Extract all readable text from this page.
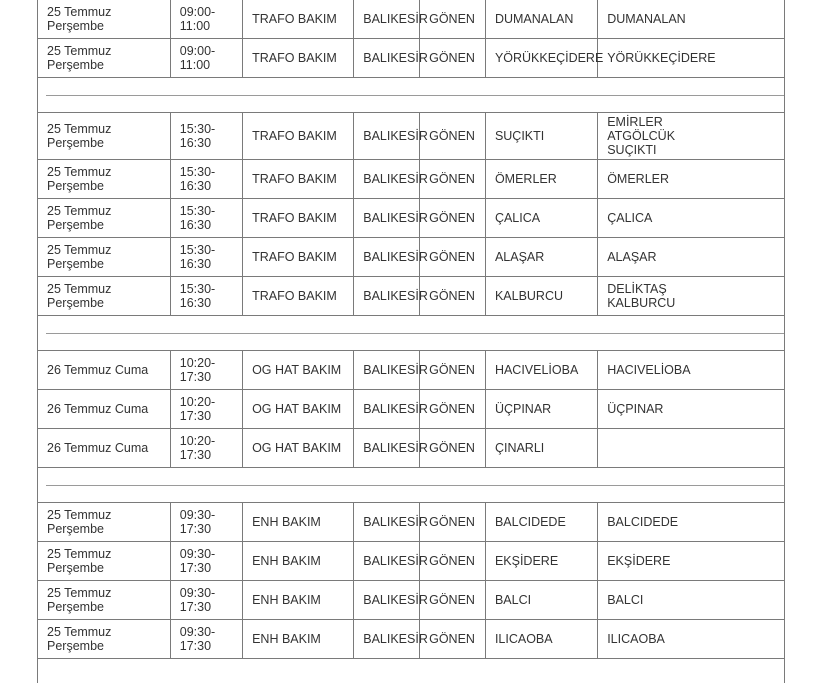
25 Temmuz Perşembe	09:00-11:00	TRAFO BAKIM	BALIKESİR	GÖNEN	DUMANALAN	DUMANALAN

25 Temmuz Perşembe	09:00-11:00	TRAFO BAKIM	BALIKESİR	GÖNEN	YÖRÜKKEÇİDERE	YÖRÜKKEÇİDERE

25 Temmuz Perşembe	15:30-16:30	TRAFO BAKIM	BALIKESİR	GÖNEN	SUÇIKTI	EMİRLER
ATGÖLCÜK
SUÇIKTI

25 Temmuz Perşembe	15:30-16:30	TRAFO BAKIM	BALIKESİR	GÖNEN	ÖMERLER	ÖMERLER

25 Temmuz Perşembe	15:30-16:30	TRAFO BAKIM	BALIKESİR	GÖNEN	ÇALICA	ÇALICA

25 Temmuz Perşembe	15:30-16:30	TRAFO BAKIM	BALIKESİR	GÖNEN	ALAŞAR	ALAŞAR

25 Temmuz Perşembe	15:30-16:30	TRAFO BAKIM	BALIKESİR	GÖNEN	KALBURCU	DELİKTAŞ
KALBURCU

26 Temmuz Cuma	10:20-17:30	OG HAT BAKIM	BALIKESİR	GÖNEN	HACIVELİOBA	HACIVELİOBA

26 Temmuz Cuma	10:20-17:30	OG HAT BAKIM	BALIKESİR	GÖNEN	ÜÇPINAR	ÜÇPINAR

26 Temmuz Cuma	10:20-17:30	OG HAT BAKIM	BALIKESİR	GÖNEN	ÇINARLI	

25 Temmuz Perşembe	09:30-17:30	ENH BAKIM	BALIKESİR	GÖNEN	BALCIDEDE	BALCIDEDE

25 Temmuz Perşembe	09:30-17:30	ENH BAKIM	BALIKESİR	GÖNEN	EKŞİDERE	EKŞİDERE

25 Temmuz Perşembe	09:30-17:30	ENH BAKIM	BALIKESİR	GÖNEN	BALCI	BALCI

25 Temmuz Perşembe	09:30-17:30	ENH BAKIM	BALIKESİR	GÖNEN	ILICAOBA	ILICAOBA
